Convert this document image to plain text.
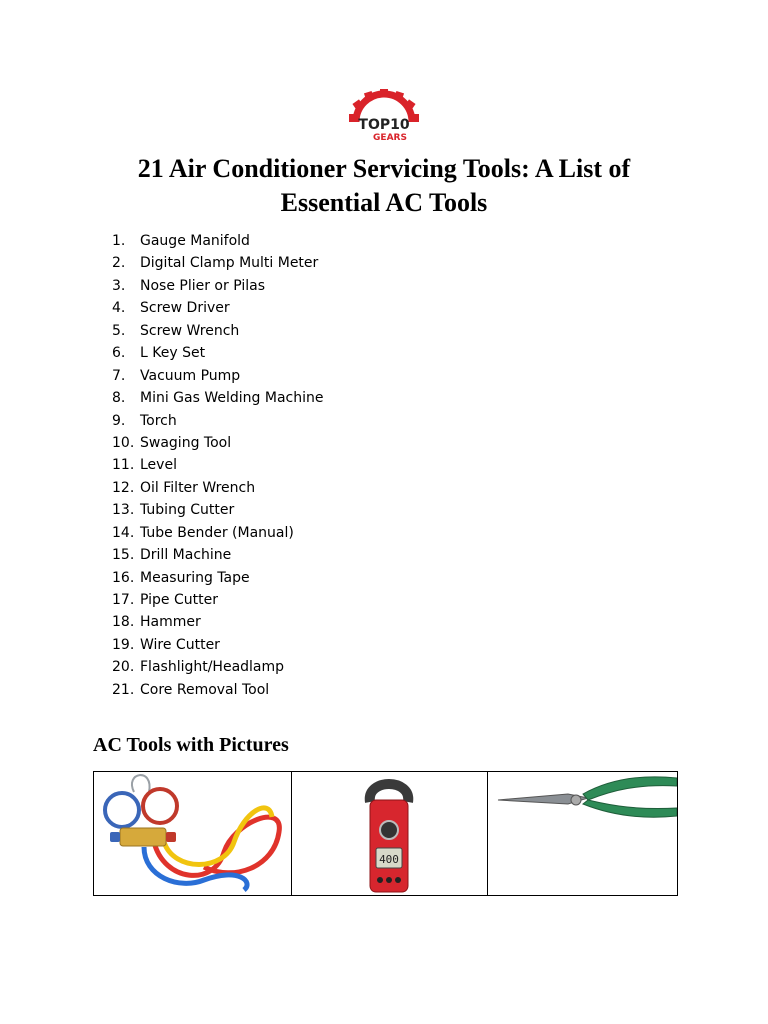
TOP10
GEARS
21 Air Conditioner Servicing Tools: A List of
Essential AC Tools
1. Gauge Manifold
2. Digital Clamp Multi Meter
3. Nose Plier or Pilas
4. Screw Driver
5. Screw Wrench
6. L Key Set
7. Vacuum Pump
8. Mini Gas Welding Machine
9. Torch
10. Swaging Tool
11. Level
12. Oil Filter Wrench
13. Tubing Cutter
14. Tube Bender (Manual)
15. Drill Machine
16. Measuring Tape
17. Pipe Cutter
18. Hammer
19. Wire Cutter
20. Flashlight/Headlamp
21. Core Removal Tool
AC Tools with Pictures
400
